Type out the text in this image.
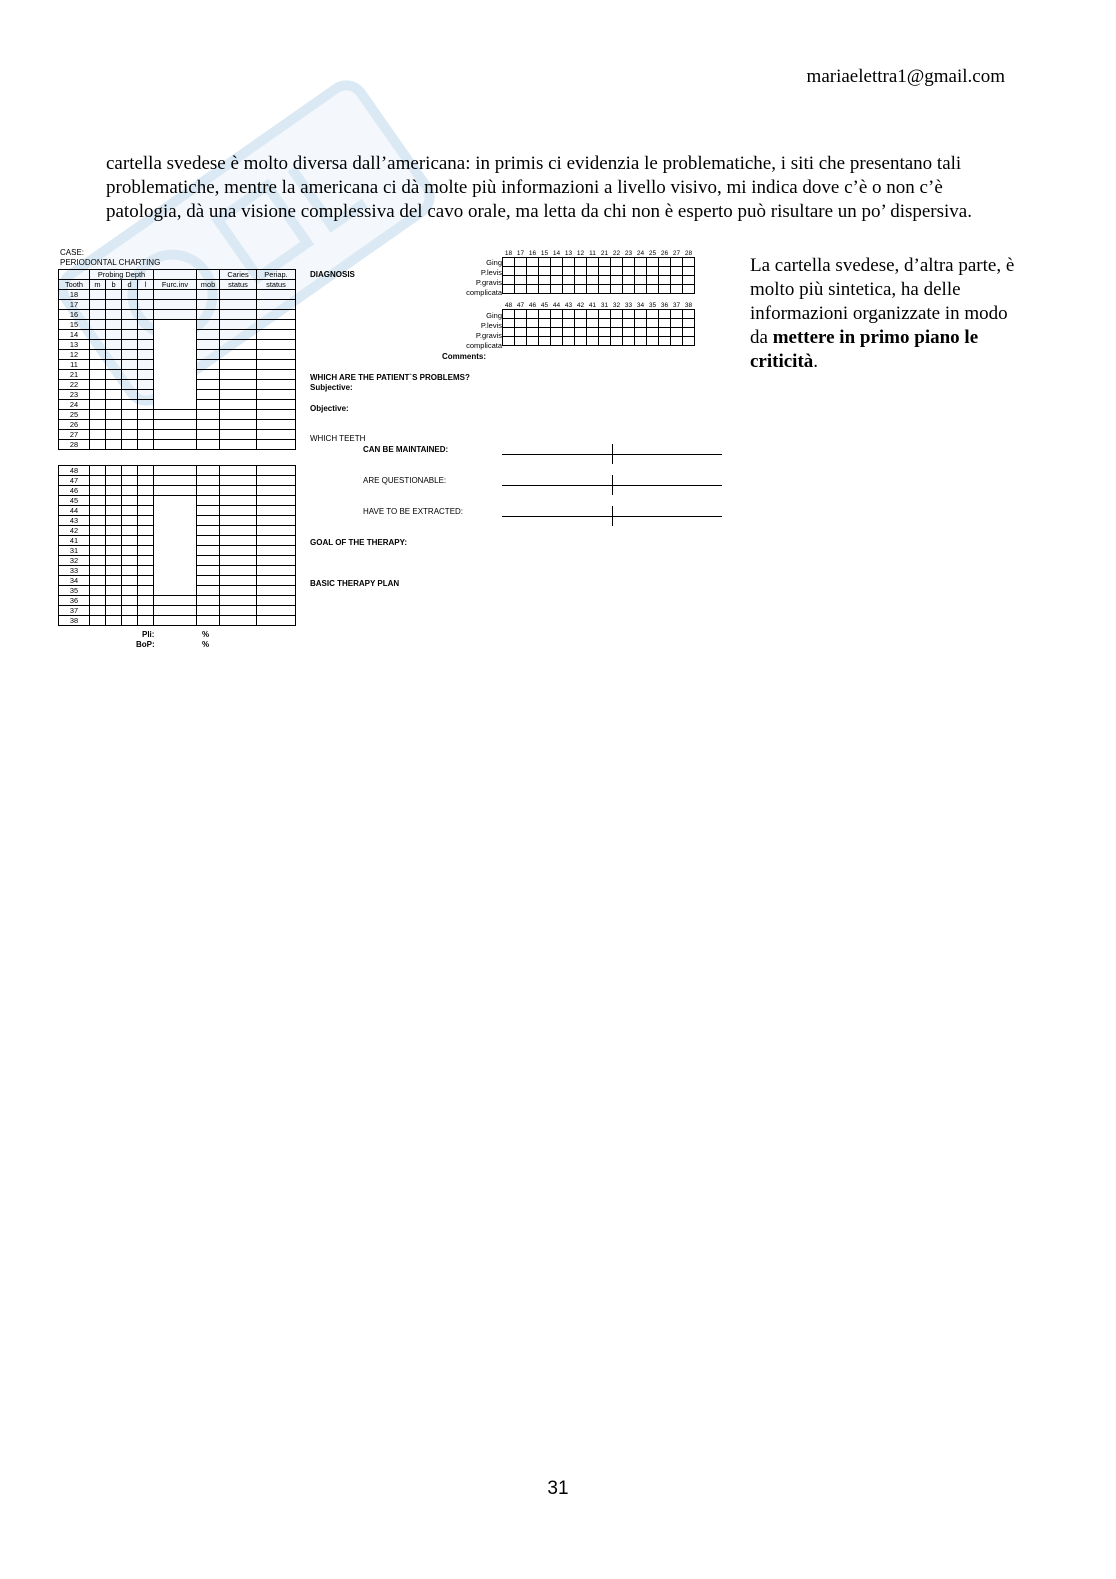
mariaelettra1@gmail.com

cartella svedese è molto diversa dall’americana: in primis ci evidenzia le problematiche, i siti che presentano tali problematiche, mentre la americana ci dà molte più informazioni a livello visivo, mi indica dove c’è o non c’è patologia, dà una visione complessiva del cavo orale, ma letta da chi non è esperto può risultare un po’ dispersiva.

CASE:
PERIODONTAL CHARTING
	Probing Depth						Caries	Periap.
Tooth	m	b	d	l	Furc.inv	mob	status	status
18								
17								
16								
15								
14								
13								
12								
11								
21								
22								
23								
24								
25								
26								
27								
28								
48								
47								
46								
45								
44								
43								
42								
41								
31								
32								
33								
34								
35								
36								
37								
38								
Pli:	%
BoP:	%
DIAGNOSIS
Comments:
WHICH ARE THE PATIENT`S PROBLEMS?
Subjective:
Objective:
WHICH TEETH
CAN BE MAINTAINED:
ARE QUESTIONABLE:
HAVE TO BE EXTRACTED:
GOAL OF THE THERAPY:
BASIC THERAPY PLAN
Ging
P.levis
P.gravis
complicata
18	17	16	15	14	13	12	11	21	22	23	24	25	26	27	28

Ging
P.levis
P.gravis
complicata
48	47	46	45	44	43	42	41	31	32	33	34	35	36	37	38

La cartella svedese, d’altra parte, è molto più sintetica, ha delle informazioni organizzate in modo da mettere in primo piano le criticità.
31
